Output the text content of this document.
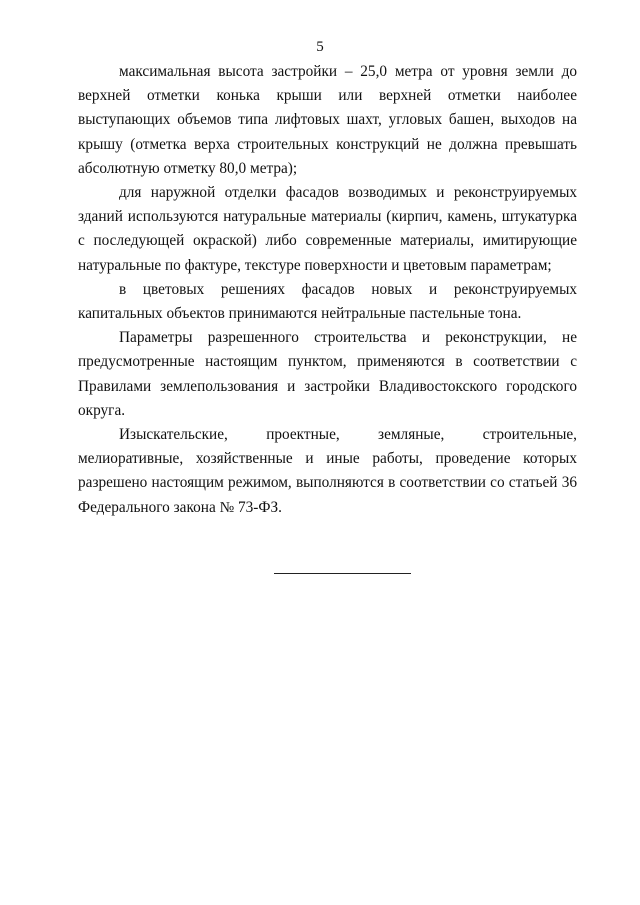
5

максимальная высота застройки – 25,0 метра от уровня земли до верхней отметки конька крыши или верхней отметки наиболее выступающих объемов типа лифтовых шахт, угловых башен, выходов на крышу (отметка верха строительных конструкций не должна превышать абсолютную отметку 80,0 метра);

для наружной отделки фасадов возводимых и реконструируемых зданий используются натуральные материалы (кирпич, камень, штукатурка с последующей окраской) либо современные материалы, имитирующие натуральные по фактуре, текстуре поверхности и цветовым параметрам;

в цветовых решениях фасадов новых и реконструируемых капитальных объектов принимаются нейтральные пастельные тона.

Параметры разрешенного строительства и реконструкции, не предусмотренные настоящим пунктом, применяются в соответствии с Правилами землепользования и застройки Владивостокского городского округа.

Изыскательские, проектные, земляные, строительные, мелиоративные, хозяйственные и иные работы, проведение которых разрешено настоящим режимом, выполняются в соответствии со статьей 36 Федерального закона № 73-ФЗ.
